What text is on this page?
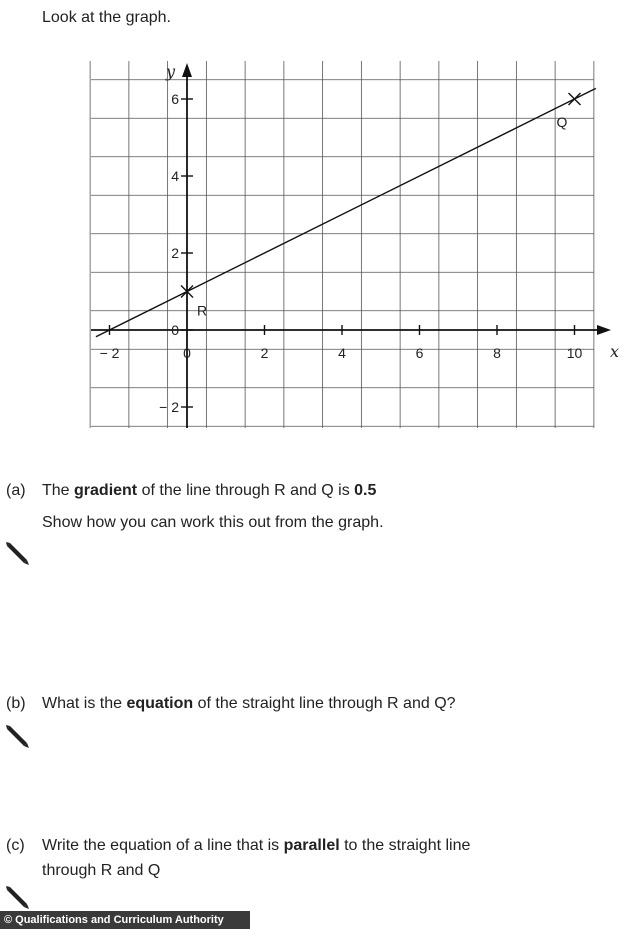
Look at the graph.
x
y
− 2	0	2	4	6	8	10
− 2
0
2
4
6
R
Q
(a) The gradient of the line through R and Q is 0.5
Show how you can work this out from the graph.
(b) What is the equation of the straight line through R and Q?
(c) Write the equation of a line that is parallel to the straight line
through R and Q
© Qualifications and Curriculum Authority
